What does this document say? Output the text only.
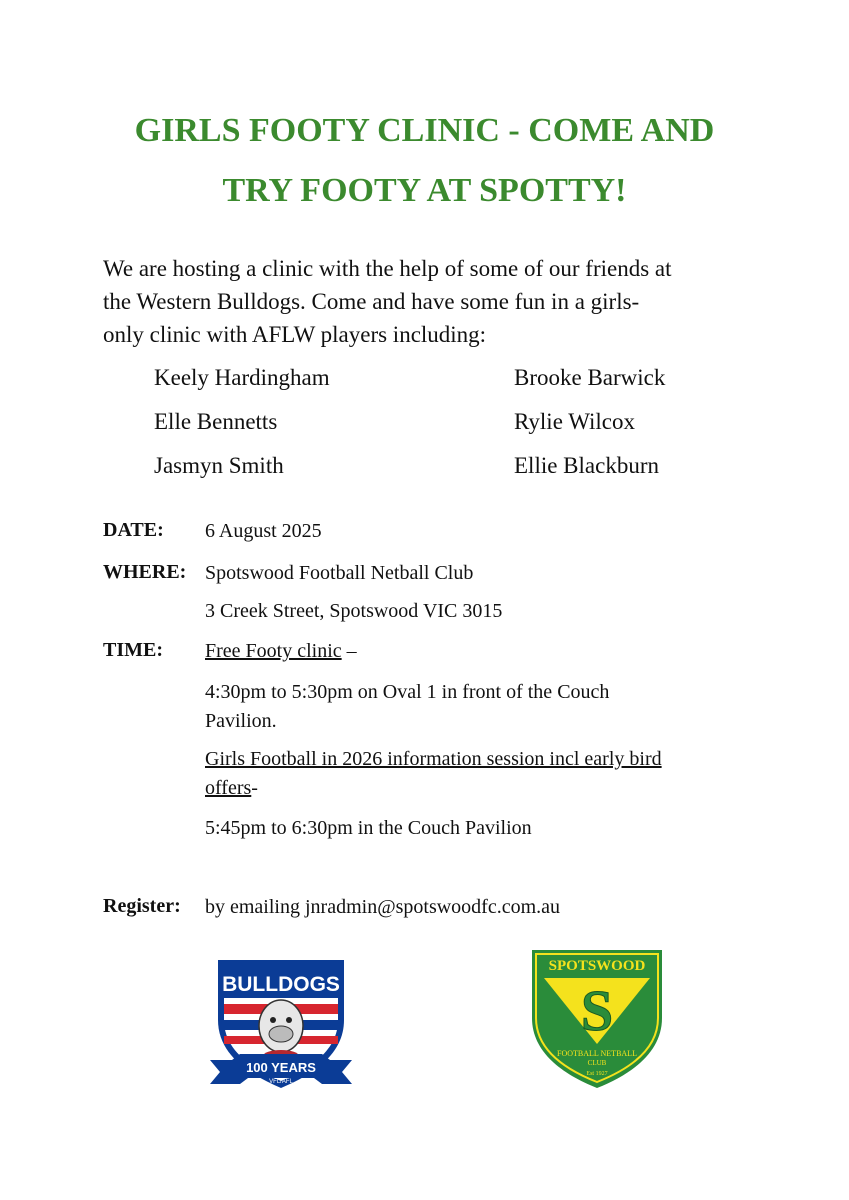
GIRLS FOOTY CLINIC - COME AND
TRY FOOTY AT SPOTTY!
We are hosting a clinic with the help of some of our friends at
the Western Bulldogs. Come and have some fun in a girls-
only clinic with AFLW players including:
Keely Hardingham	Brooke Barwick
Elle Bennetts	Rylie Wilcox
Jasmyn Smith	Ellie Blackburn
DATE: 6 August 2025
WHERE: Spotswood Football Netball Club
3 Creek Street, Spotswood VIC 3015
TIME: Free Footy clinic –
4:30pm to 5:30pm on Oval 1 in front of the Couch
Pavilion.
Girls Football in 2026 information session incl early bird
offers-
5:45pm to 6:30pm in the Couch Pavilion
Register: by emailing jnradmin@spotswoodfc.com.au
BULLDOGS
100 YEARS
VFL/AFL
SPOTSWOOD
S
FOOTBALL NETBALL
CLUB
Est 1927
